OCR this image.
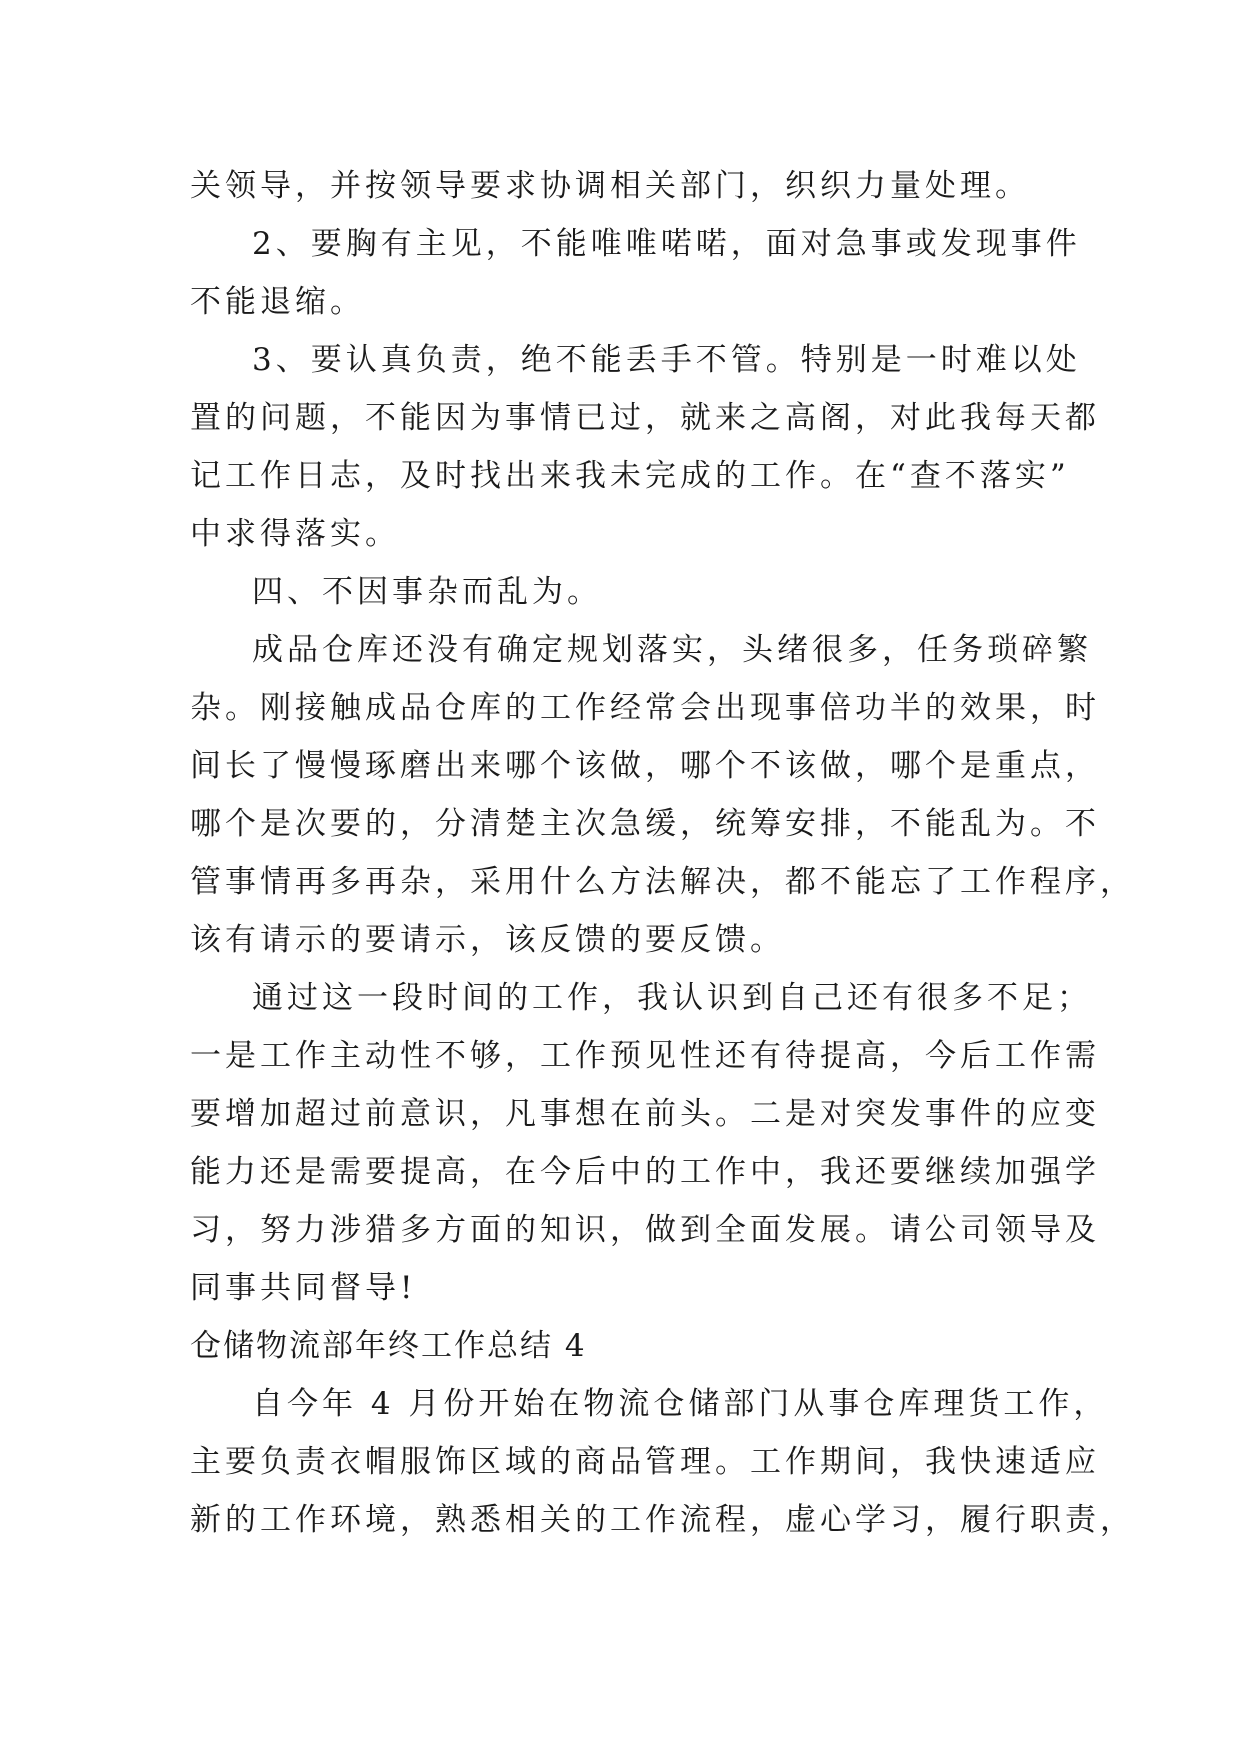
关领导，并按领导要求协调相关部门，织织力量处理。
2、要胸有主见，不能唯唯喏喏，面对急事或发现事件
不能退缩。
3、要认真负责，绝不能丢手不管。特别是一时难以处
置的问题，不能因为事情已过，就来之高阁，对此我每天都
记工作日志，及时找出来我未完成的工作。在“查不落实”
中求得落实。
四、不因事杂而乱为。
成品仓库还没有确定规划落实，头绪很多，任务琐碎繁
杂。刚接触成品仓库的工作经常会出现事倍功半的效果，时
间长了慢慢琢磨出来哪个该做，哪个不该做，哪个是重点，
哪个是次要的，分清楚主次急缓，统筹安排，不能乱为。不
管事情再多再杂，采用什么方法解决，都不能忘了工作程序，
该有请示的要请示，该反馈的要反馈。
通过这一段时间的工作，我认识到自己还有很多不足；
一是工作主动性不够，工作预见性还有待提高，今后工作需
要增加超过前意识，凡事想在前头。二是对突发事件的应变
能力还是需要提高，在今后中的工作中，我还要继续加强学
习，努力涉猎多方面的知识，做到全面发展。请公司领导及
同事共同督导!
仓储物流部年终工作总结 4
自今年 4 月份开始在物流仓储部门从事仓库理货工作，
主要负责衣帽服饰区域的商品管理。工作期间，我快速适应
新的工作环境，熟悉相关的工作流程，虚心学习，履行职责，
